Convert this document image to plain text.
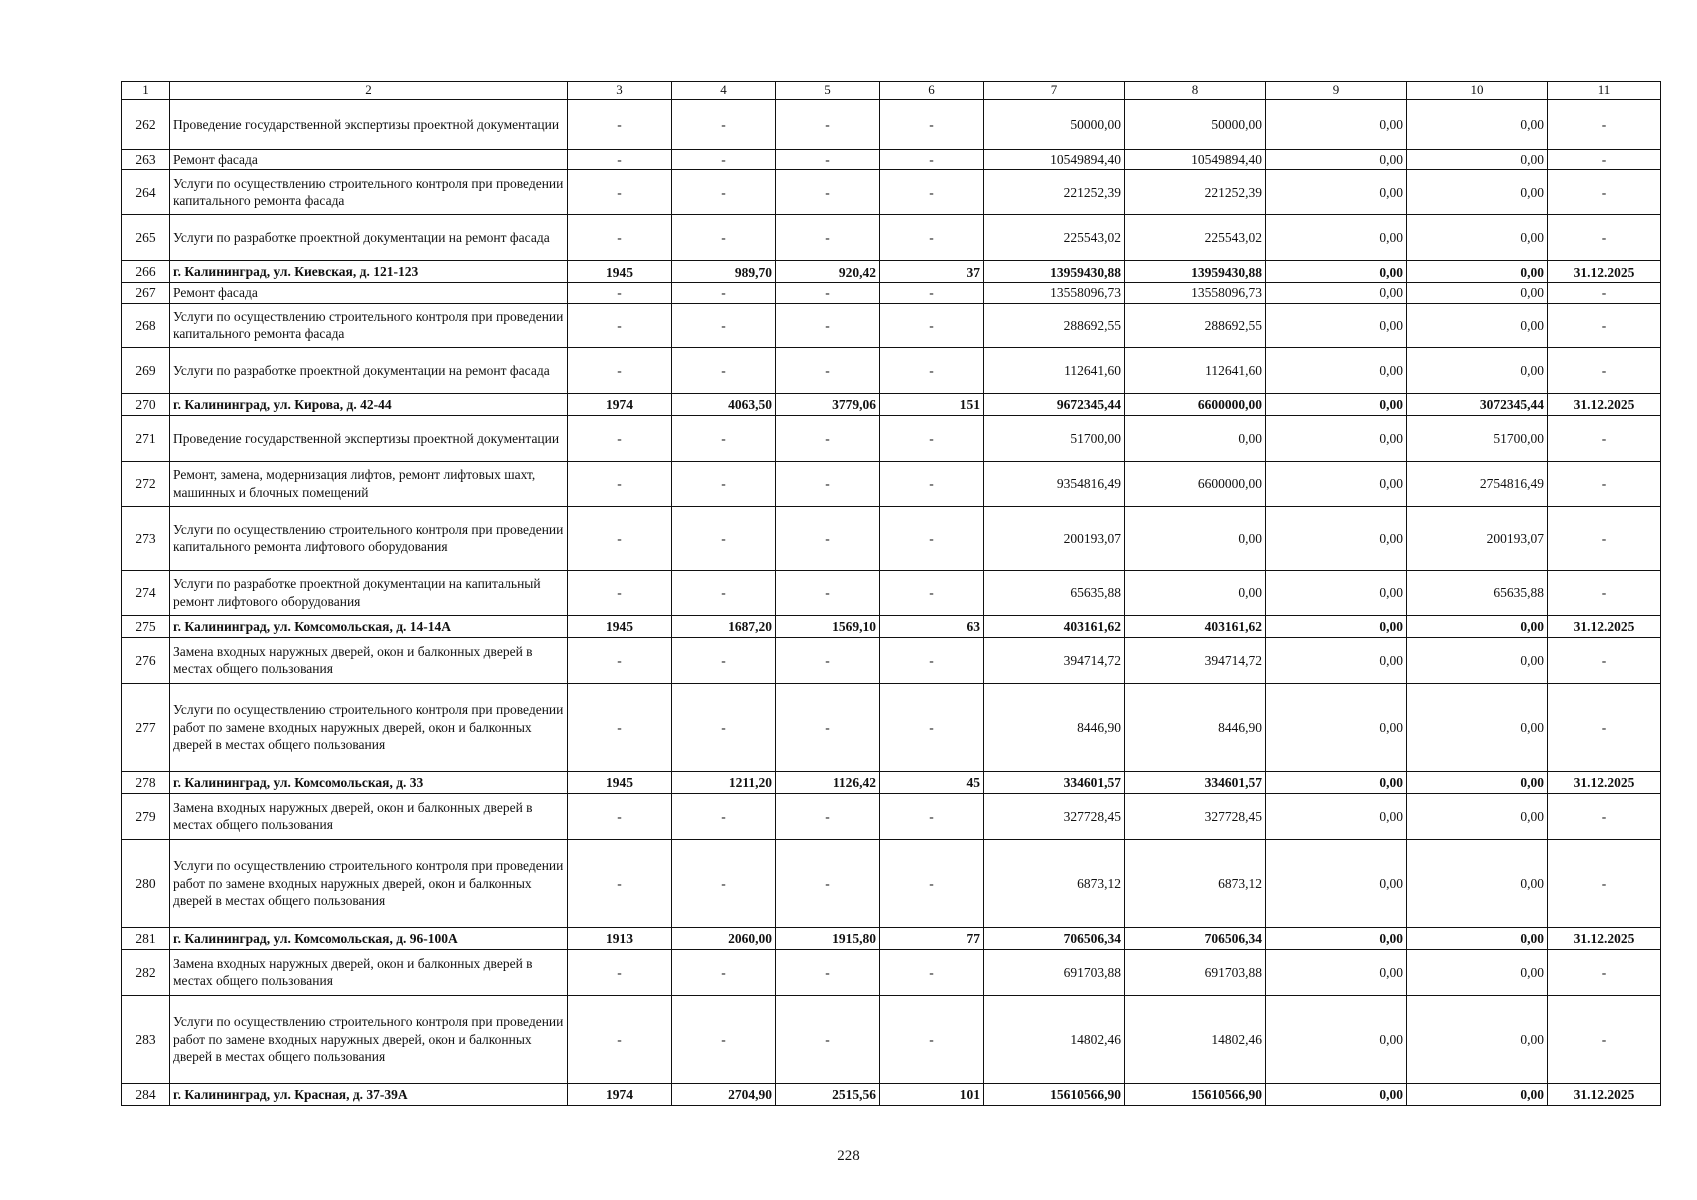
1	2	3	4	5	6	7	8	9	10	11
262	Проведение государственной экспертизы проектной документации	-	-	-	-	50000,00	50000,00	0,00	0,00	-
263	Ремонт фасада	-	-	-	-	10549894,40	10549894,40	0,00	0,00	-
264	Услуги по осуществлению строительного контроля при проведении капитального ремонта фасада	-	-	-	-	221252,39	221252,39	0,00	0,00	-
265	Услуги по разработке проектной документации на ремонт фасада	-	-	-	-	225543,02	225543,02	0,00	0,00	-
266	г. Калининград, ул. Киевская, д. 121-123	1945	989,70	920,42	37	13959430,88	13959430,88	0,00	0,00	31.12.2025
267	Ремонт фасада	-	-	-	-	13558096,73	13558096,73	0,00	0,00	-
268	Услуги по осуществлению строительного контроля при проведении капитального ремонта фасада	-	-	-	-	288692,55	288692,55	0,00	0,00	-
269	Услуги по разработке проектной документации на ремонт фасада	-	-	-	-	112641,60	112641,60	0,00	0,00	-
270	г. Калининград, ул. Кирова, д. 42-44	1974	4063,50	3779,06	151	9672345,44	6600000,00	0,00	3072345,44	31.12.2025
271	Проведение государственной экспертизы проектной документации	-	-	-	-	51700,00	0,00	0,00	51700,00	-
272	Ремонт, замена, модернизация лифтов, ремонт лифтовых шахт, машинных и блочных помещений	-	-	-	-	9354816,49	6600000,00	0,00	2754816,49	-
273	Услуги по осуществлению строительного контроля при проведении капитального ремонта лифтового оборудования	-	-	-	-	200193,07	0,00	0,00	200193,07	-
274	Услуги по разработке проектной документации на капитальный ремонт лифтового оборудования	-	-	-	-	65635,88	0,00	0,00	65635,88	-
275	г. Калининград, ул. Комсомольская, д. 14-14А	1945	1687,20	1569,10	63	403161,62	403161,62	0,00	0,00	31.12.2025
276	Замена входных наружных дверей, окон и балконных дверей в местах общего пользования	-	-	-	-	394714,72	394714,72	0,00	0,00	-
277	Услуги по осуществлению строительного контроля при проведении работ по замене входных наружных дверей, окон и балконных дверей в местах общего пользования	-	-	-	-	8446,90	8446,90	0,00	0,00	-
278	г. Калининград, ул. Комсомольская, д. 33	1945	1211,20	1126,42	45	334601,57	334601,57	0,00	0,00	31.12.2025
279	Замена входных наружных дверей, окон и балконных дверей в местах общего пользования	-	-	-	-	327728,45	327728,45	0,00	0,00	-
280	Услуги по осуществлению строительного контроля при проведении работ по замене входных наружных дверей, окон и балконных дверей в местах общего пользования	-	-	-	-	6873,12	6873,12	0,00	0,00	-
281	г. Калининград, ул. Комсомольская, д. 96-100А	1913	2060,00	1915,80	77	706506,34	706506,34	0,00	0,00	31.12.2025
282	Замена входных наружных дверей, окон и балконных дверей в местах общего пользования	-	-	-	-	691703,88	691703,88	0,00	0,00	-
283	Услуги по осуществлению строительного контроля при проведении работ по замене входных наружных дверей, окон и балконных дверей в местах общего пользования	-	-	-	-	14802,46	14802,46	0,00	0,00	-
284	г. Калининград, ул. Красная, д. 37-39А	1974	2704,90	2515,56	101	15610566,90	15610566,90	0,00	0,00	31.12.2025
228
